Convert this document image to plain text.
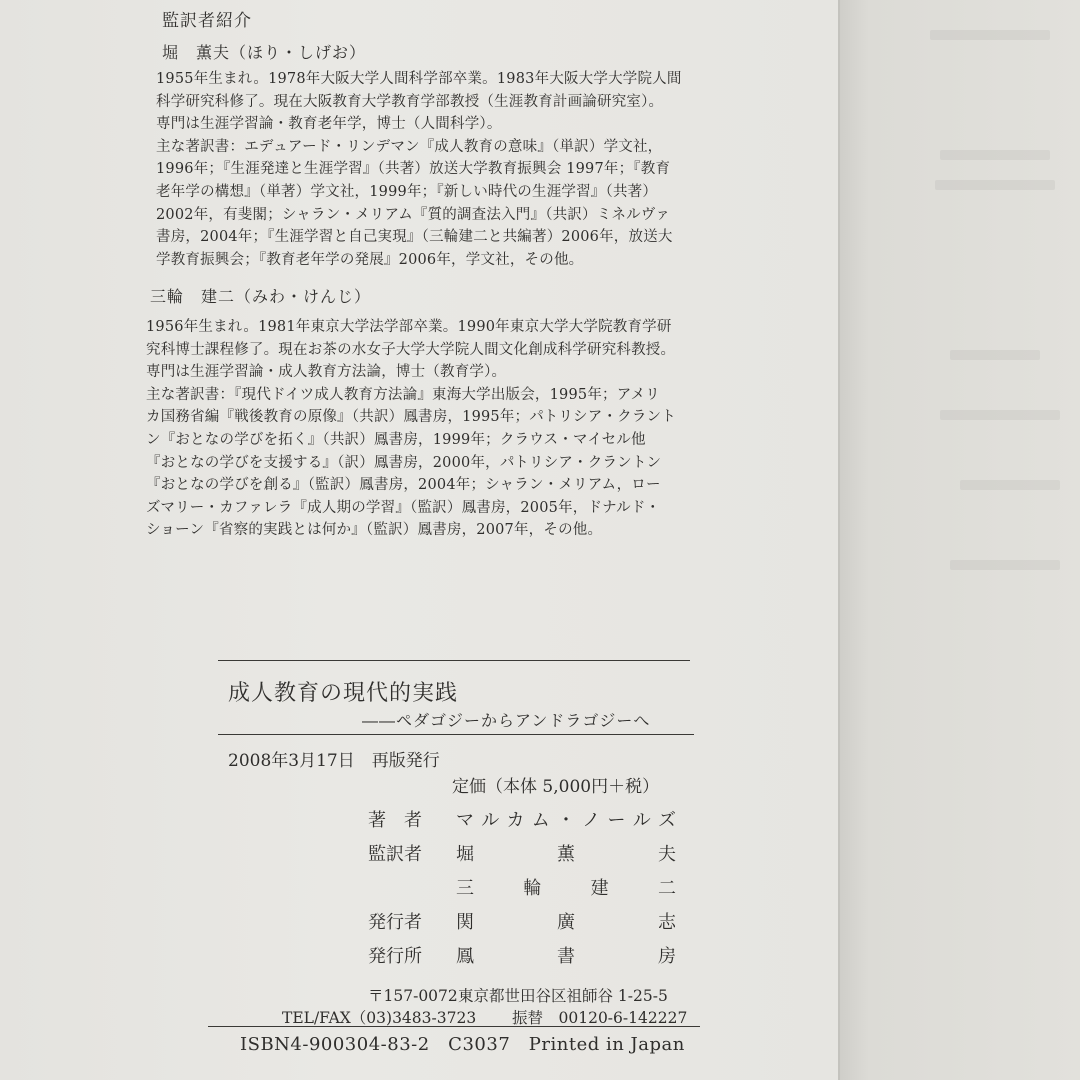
監訳者紹介
堀　薫夫（ほり・しげお）
1955年生まれ。1978年大阪大学人間科学部卒業。1983年大阪大学大学院人間
科学研究科修了。現在大阪教育大学教育学部教授（生涯教育計画論研究室）。
専門は生涯学習論・教育老年学，博士（人間科学）。
主な著訳書：エデュアード・リンデマン『成人教育の意味』（単訳）学文社，
1996年；『生涯発達と生涯学習』（共著）放送大学教育振興会 1997年；『教育
老年学の構想』（単著）学文社，1999年；『新しい時代の生涯学習』（共著）
2002年，有斐閣；シャラン・メリアム『質的調査法入門』（共訳）ミネルヴァ
書房，2004年；『生涯学習と自己実現』（三輪建二と共編著）2006年，放送大
学教育振興会；『教育老年学の発展』2006年，学文社，その他。
三輪　建二（みわ・けんじ）
1956年生まれ。1981年東京大学法学部卒業。1990年東京大学大学院教育学研
究科博士課程修了。現在お茶の水女子大学大学院人間文化創成科学研究科教授。
専門は生涯学習論・成人教育方法論，博士（教育学）。
主な著訳書：『現代ドイツ成人教育方法論』東海大学出版会，1995年；アメリ
カ国務省編『戦後教育の原像』（共訳）鳳書房，1995年；パトリシア・クラント
ン『おとなの学びを拓く』（共訳）鳳書房，1999年；クラウス・マイセル他
『おとなの学びを支援する』（訳）鳳書房，2000年，パトリシア・クラントン
『おとなの学びを創る』（監訳）鳳書房，2004年；シャラン・メリアム，ロー
ズマリー・カファレラ『成人期の学習』（監訳）鳳書房，2005年，ドナルド・
ショーン『省察的実践とは何か』（監訳）鳳書房，2007年，その他。
成人教育の現代的実践
――ペダゴジーからアンドラゴジーへ
2008年3月17日　再版発行
定価（本体 5,000円＋税）
著　者 マ ル カ ム ・ ノ ー ル ズ
監訳者 堀	薫	夫
三	輪	建	二
発行者 関	廣	志
発行所 鳳	書	房
〒157-0072 東京都世田谷区祖師谷 1-25-5
TEL/FAX（03)3483-3723 振替　00120-6-142227
ISBN4-900304-83-2　C3037　Printed in Japan
